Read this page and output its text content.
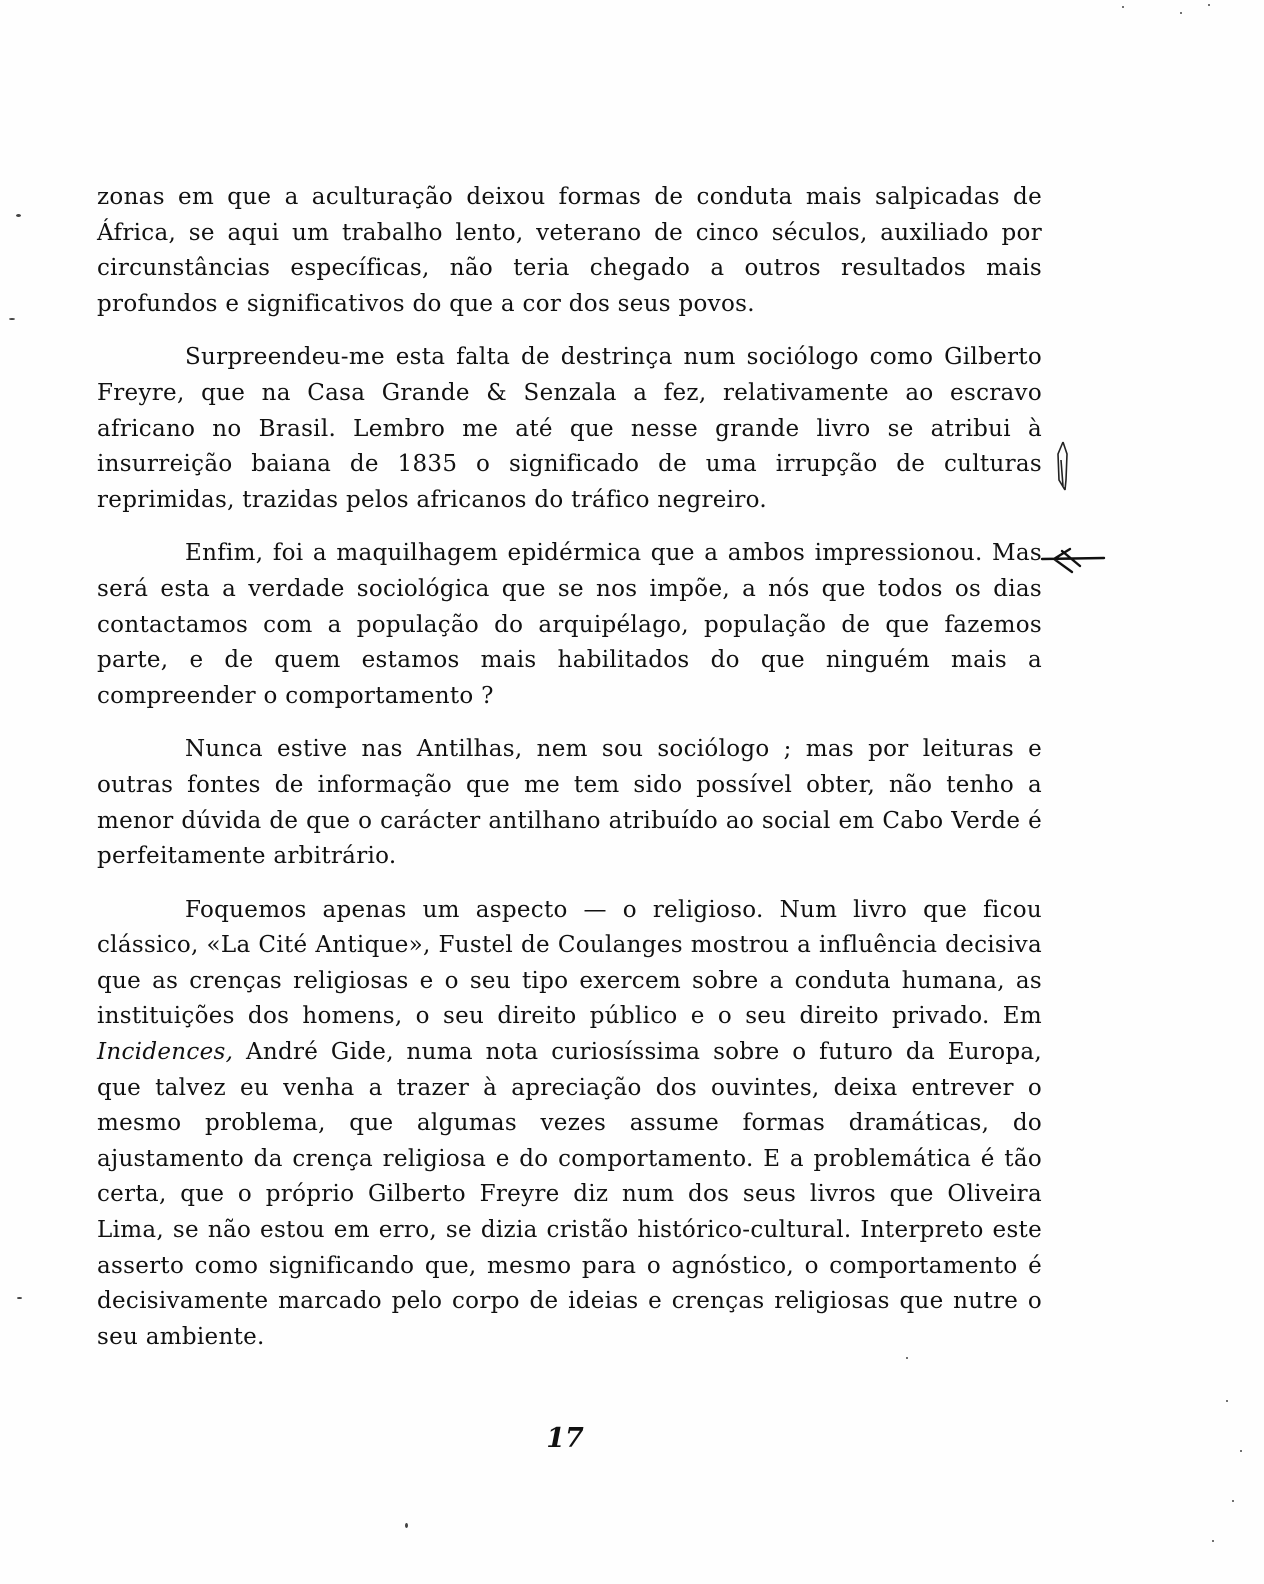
zonas em que a aculturação deixou formas de conduta mais salpicadas de África, se aqui um trabalho lento, veterano de cinco séculos, auxiliado por circunstâncias específicas, não teria chegado a outros resultados mais profundos e significativos do que a cor dos seus povos.

Surpreendeu-me esta falta de destrinça num sociólogo como Gilberto Freyre, que na Casa Grande & Senzala a fez, relativamente ao escravo africano no Brasil. Lembro me até que nesse grande livro se atribui à insurreição baiana de 1835 o significado de uma irrupção de culturas reprimidas, trazidas pelos africanos do tráfico negreiro.

Enfim, foi a maquilhagem epidérmica que a ambos impressionou. Mas será esta a verdade sociológica que se nos impõe, a nós que todos os dias contactamos com a população do arquipélago, população de que fazemos parte, e de quem estamos mais habilitados do que ninguém mais a compreender o comportamento ?

Nunca estive nas Antilhas, nem sou sociólogo ; mas por leituras e outras fontes de informação que me tem sido possível obter, não tenho a menor dúvida de que o carácter antilhano atribuído ao social em Cabo Verde é perfeitamente arbitrário.

Foquemos apenas um aspecto — o religioso. Num livro que ficou clássico, «La Cité Antique», Fustel de Coulanges mostrou a influência decisiva que as crenças religiosas e o seu tipo exercem sobre a conduta humana, as instituições dos homens, o seu direito público e o seu direito privado. Em Incidences, André Gide, numa nota curiosíssima sobre o futuro da Europa, que talvez eu venha a trazer à apreciação dos ouvintes, deixa entrever o mesmo problema, que algumas vezes assume formas dramáticas, do ajustamento da crença religiosa e do comportamento. E a problemática é tão certa, que o próprio Gilberto Freyre diz num dos seus livros que Oliveira Lima, se não estou em erro, se dizia cristão histórico-cultural. Interpreto este asserto como significando que, mesmo para o agnóstico, o comportamento é decisivamente marcado pelo corpo de ideias e crenças religiosas que nutre o seu ambiente.

17
